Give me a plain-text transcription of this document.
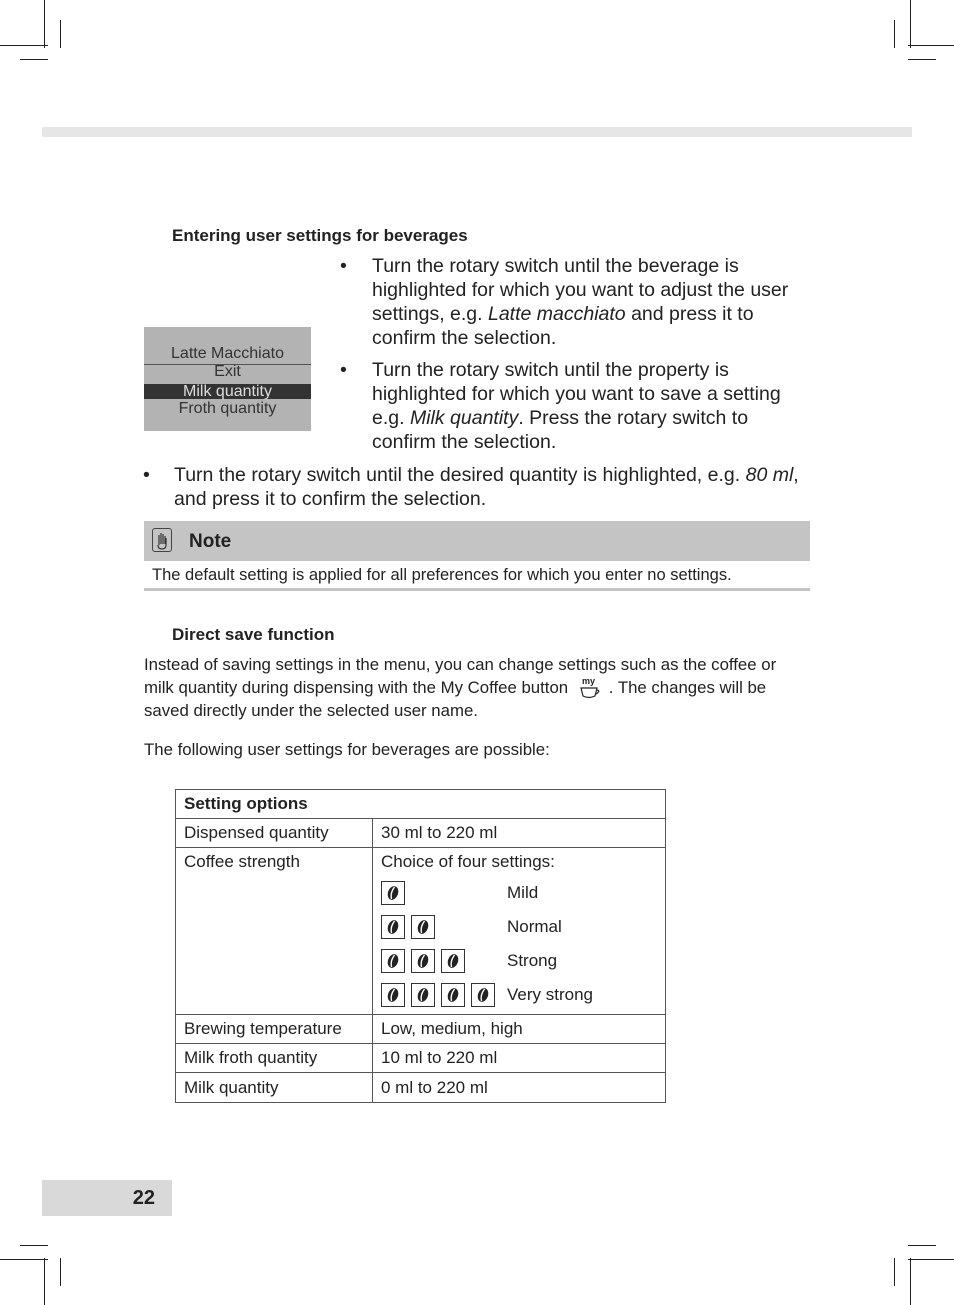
Entering user settings for beverages
Latte Macchiato
Exit
Milk quantity
Froth quantity
• Turn the rotary switch until the beverage is highlighted for which you want to adjust the user settings, e.g. Latte macchiato and press it to confirm the selection.
• Turn the rotary switch until the property is highlighted for which you want to save a setting e.g. Milk quantity. Press the rotary switch to confirm the selection.
• Turn the rotary switch until the desired quantity is highlighted, e.g. 80 ml, and press it to confirm the selection.
Note
The default setting is applied for all preferences for which you enter no settings.
Direct save function
Instead of saving settings in the menu, you can change settings such as the coffee or milk quantity during dispensing with the My Coffee button my . The changes will be saved directly under the selected user name.
The following user settings for beverages are possible:
Setting options	
Dispensed quantity	30 ml to 220 ml
Coffee strength	Choice of four settings:
Mild
Normal
Strong
Very strong

Brewing temperature	Low, medium, high
Milk froth quantity	10 ml to 220 ml
Milk quantity	0 ml to 220 ml
22
